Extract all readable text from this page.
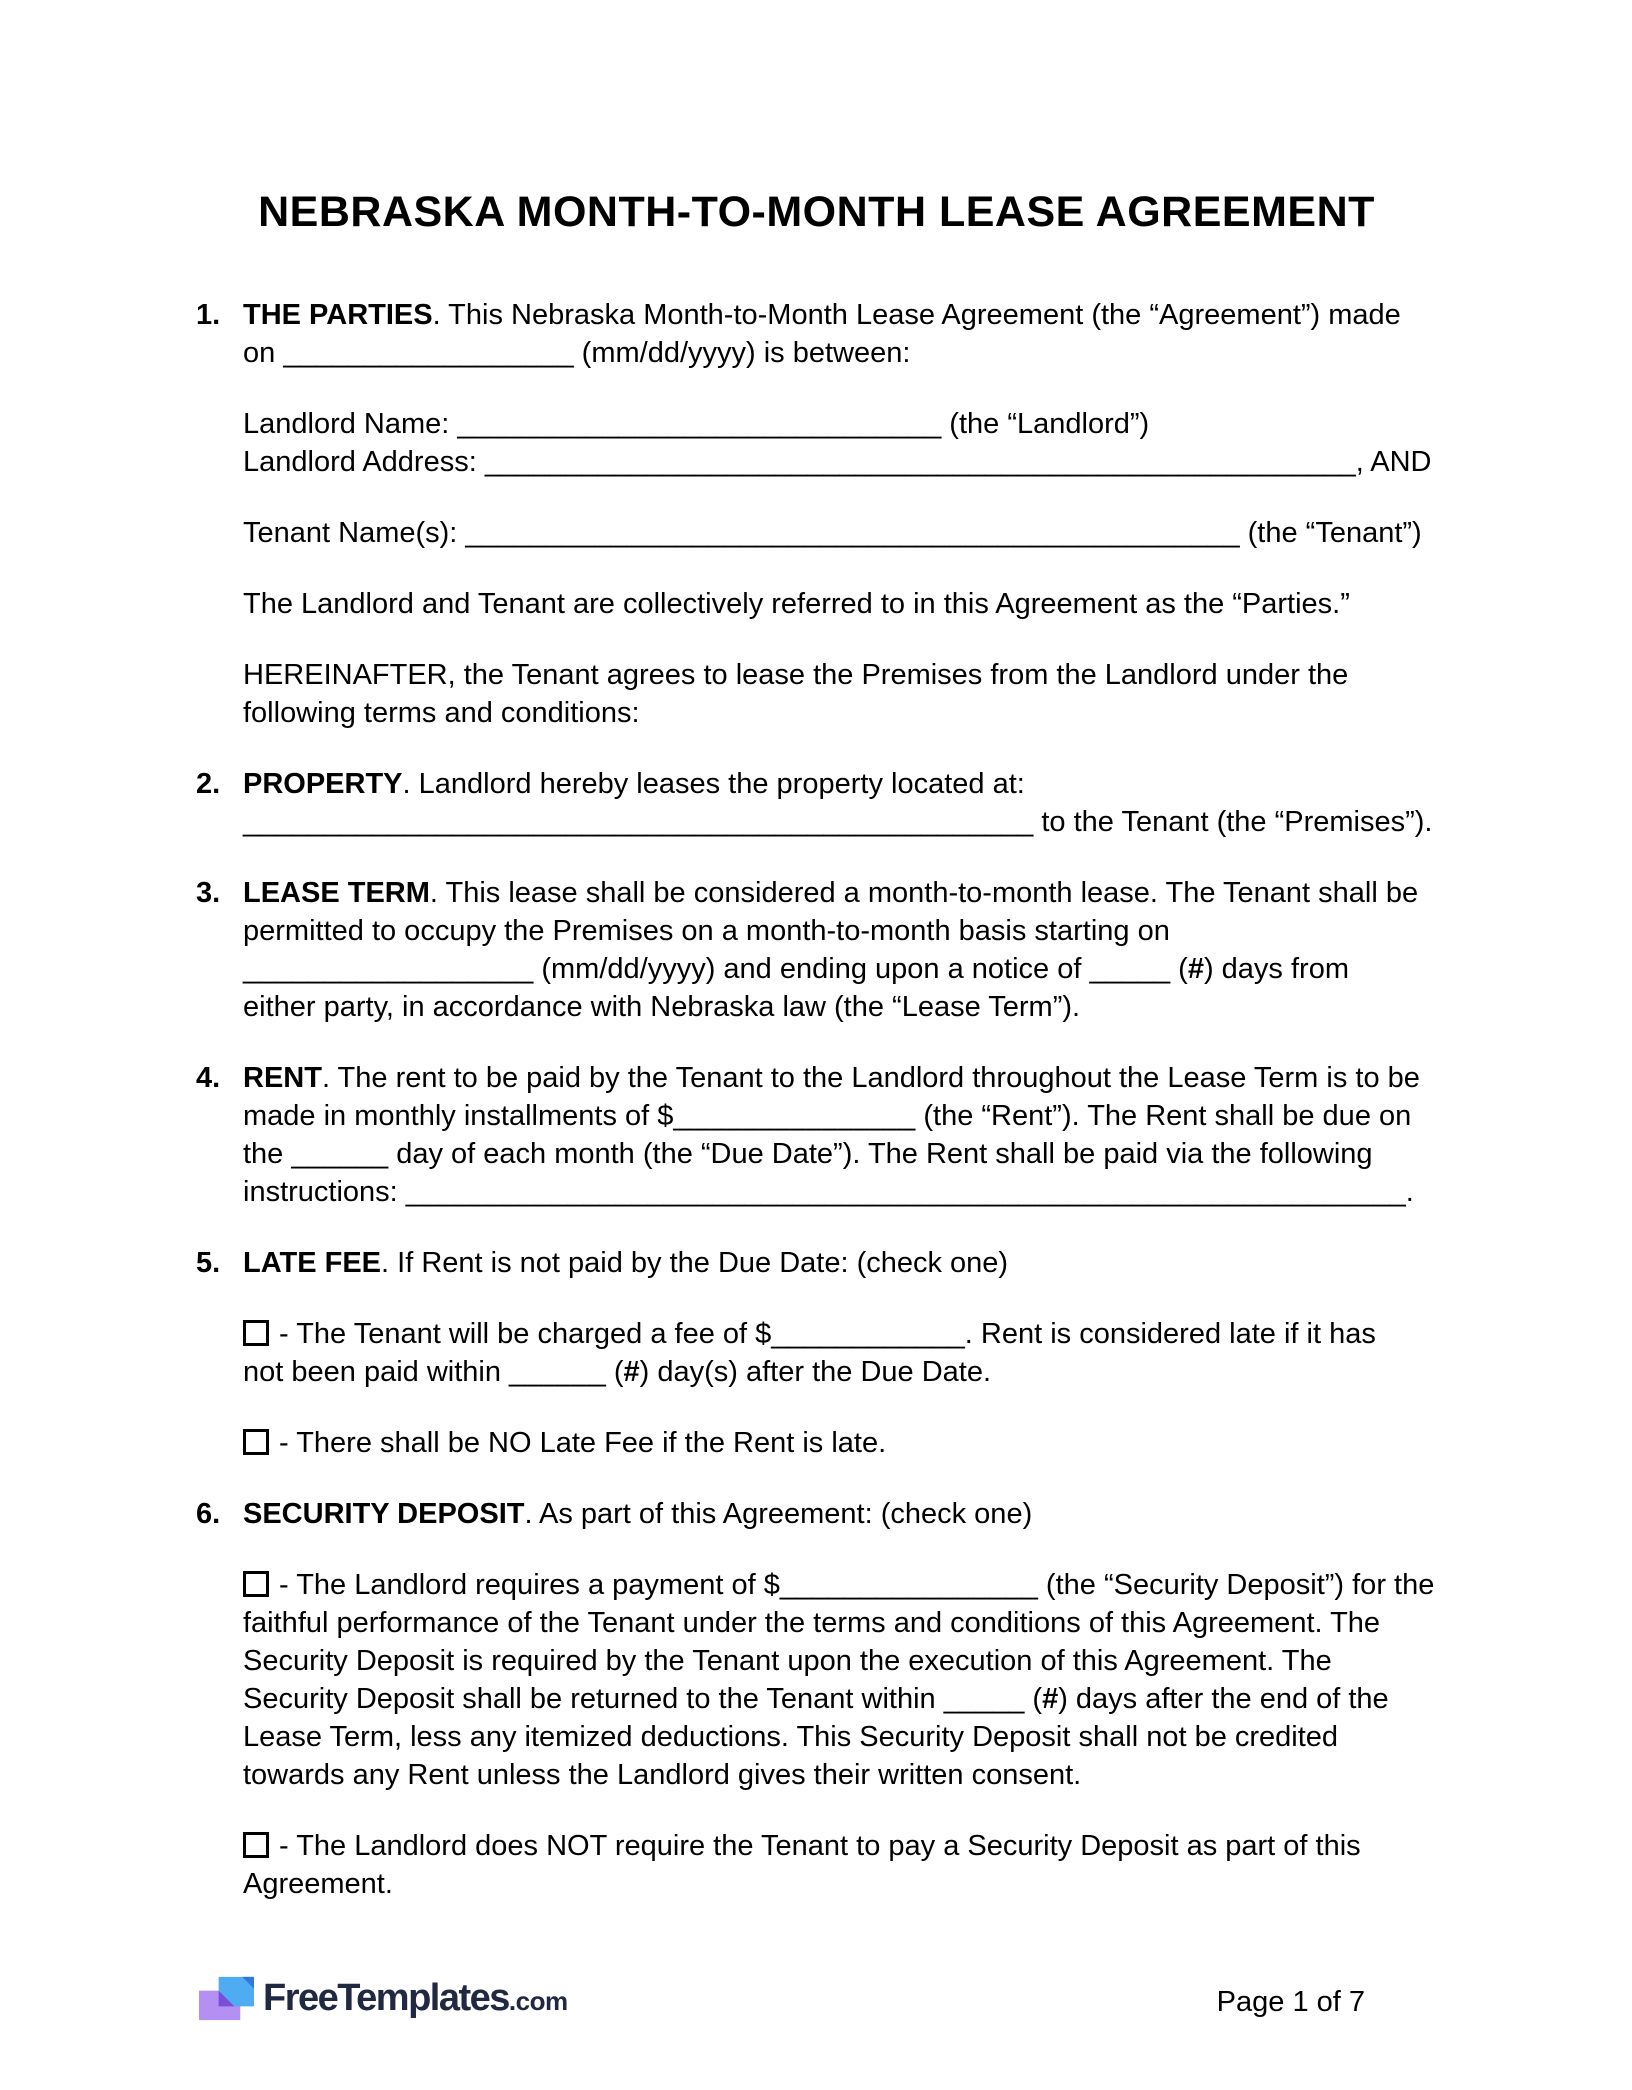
NEBRASKA MONTH-TO-MONTH LEASE AGREEMENT
1. THE PARTIES. This Nebraska Month-to-Month Lease Agreement (the “Agreement”) made
on __________________ (mm/dd/yyyy) is between:
Landlord Name: ______________________________ (the “Landlord”)
Landlord Address: ______________________________________________________, AND
Tenant Name(s): ________________________________________________ (the “Tenant”)
The Landlord and Tenant are collectively referred to in this Agreement as the “Parties.”
HEREINAFTER, the Tenant agrees to lease the Premises from the Landlord under the
following terms and conditions:
2. PROPERTY. Landlord hereby leases the property located at:
_________________________________________________ to the Tenant (the “Premises”).
3. LEASE TERM. This lease shall be considered a month-to-month lease. The Tenant shall be
permitted to occupy the Premises on a month-to-month basis starting on
__________________ (mm/dd/yyyy) and ending upon a notice of _____ (#) days from
either party, in accordance with Nebraska law (the “Lease Term”).
4. RENT. The rent to be paid by the Tenant to the Landlord throughout the Lease Term is to be
made in monthly installments of $_______________ (the “Rent”). The Rent shall be due on
the ______ day of each month (the “Due Date”). The Rent shall be paid via the following
instructions: ______________________________________________________________.
5. LATE FEE. If Rent is not paid by the Due Date: (check one)
- The Tenant will be charged a fee of $____________. Rent is considered late if it has
not been paid within ______ (#) day(s) after the Due Date.
- There shall be NO Late Fee if the Rent is late.
6. SECURITY DEPOSIT. As part of this Agreement: (check one)
- The Landlord requires a payment of $________________ (the “Security Deposit”) for the
faithful performance of the Tenant under the terms and conditions of this Agreement. The
Security Deposit is required by the Tenant upon the execution of this Agreement. The
Security Deposit shall be returned to the Tenant within _____ (#) days after the end of the
Lease Term, less any itemized deductions. This Security Deposit shall not be credited
towards any Rent unless the Landlord gives their written consent.
- The Landlord does NOT require the Tenant to pay a Security Deposit as part of this
Agreement.
FreeTemplates.com	Page 1 of 7
